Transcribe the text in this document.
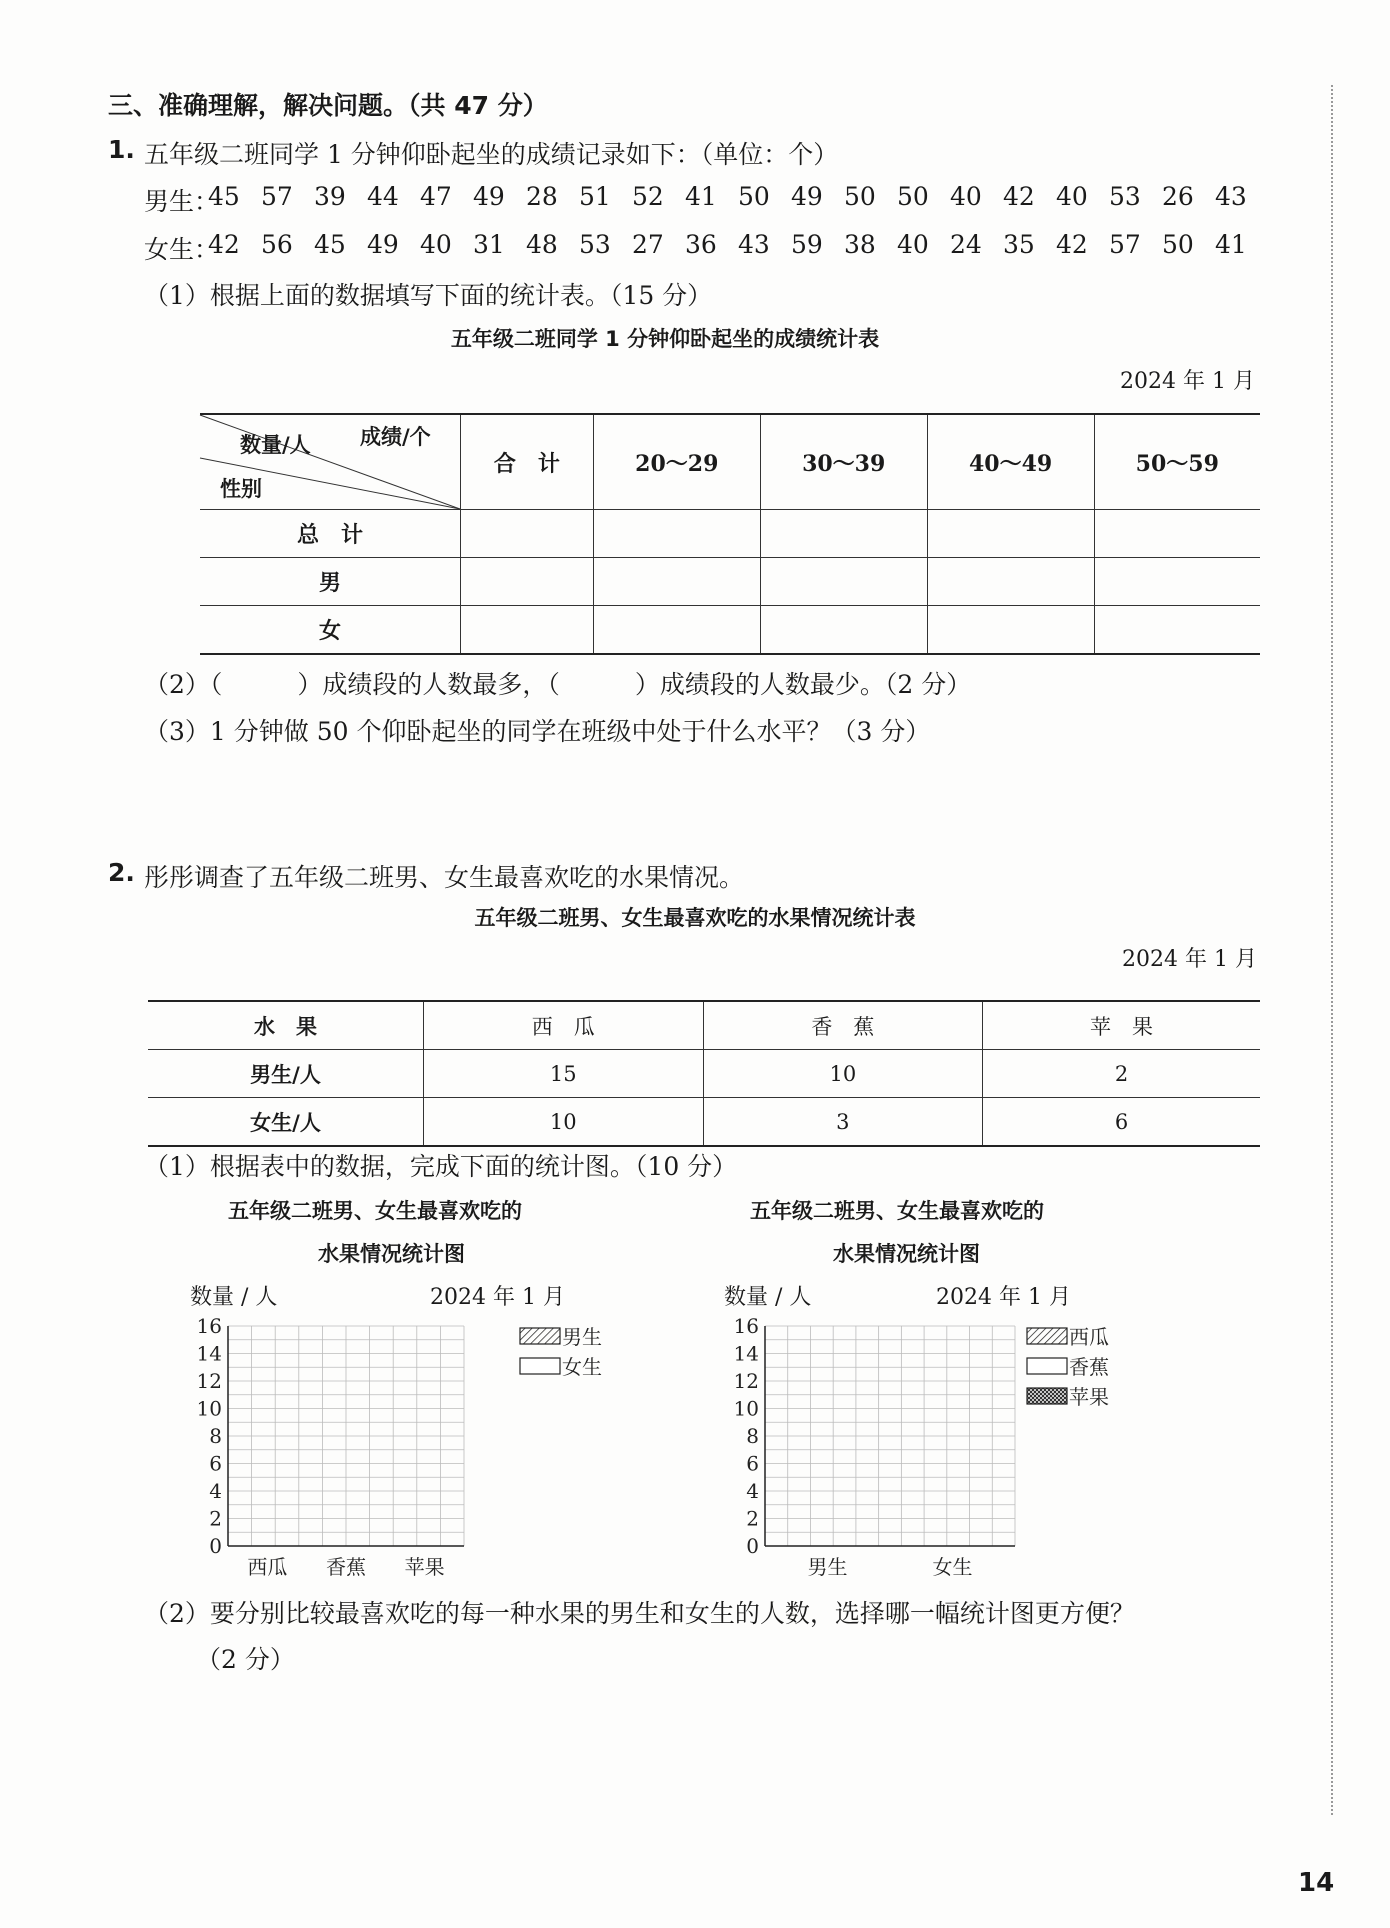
三、准确理解，解决问题。（共 47 分）
1. 五年级二班同学 1 分钟仰卧起坐的成绩记录如下：（单位：个）
男生：
45 57 39 44 47 49 28 51 52 41 50 49 50 50 40 42 40 53 26 43
女生：
42 56 45 49 40 31 48 53 27 36 43 59 38 40 24 35 42 57 50 41
（1）根据上面的数据填写下面的统计表。（15 分）
五年级二班同学 1 分钟仰卧起坐的成绩统计表
2024 年 1 月
成绩/个
数量/人
性别	合　计	20～29	30～39	40～49	50～59
总　计					
男					
女					
（2）（　　　）成绩段的人数最多，（　　　）成绩段的人数最少。（2 分）
（3）1 分钟做 50 个仰卧起坐的同学在班级中处于什么水平？（3 分）
2. 彤彤调查了五年级二班男、女生最喜欢吃的水果情况。
五年级二班男、女生最喜欢吃的水果情况统计表
2024 年 1 月
水　果	西　瓜	香　蕉	苹　果
男生/人	15	10	2
女生/人	10	3	6
（1）根据表中的数据，完成下面的统计图。（10 分）
五年级二班男、女生最喜欢吃的
水果情况统计图
数量 / 人	2024 年 1 月
0
2
4
6
8
10
12
14
16
西瓜 香蕉 苹果
男生
女生
五年级二班男、女生最喜欢吃的
水果情况统计图
数量 / 人	2024 年 1 月
0
2
4
6
8
10
12
14
16
男生	女生
西瓜
香蕉
苹果
（2）要分别比较最喜欢吃的每一种水果的男生和女生的人数，选择哪一幅统计图更方便？
（2 分）
14
